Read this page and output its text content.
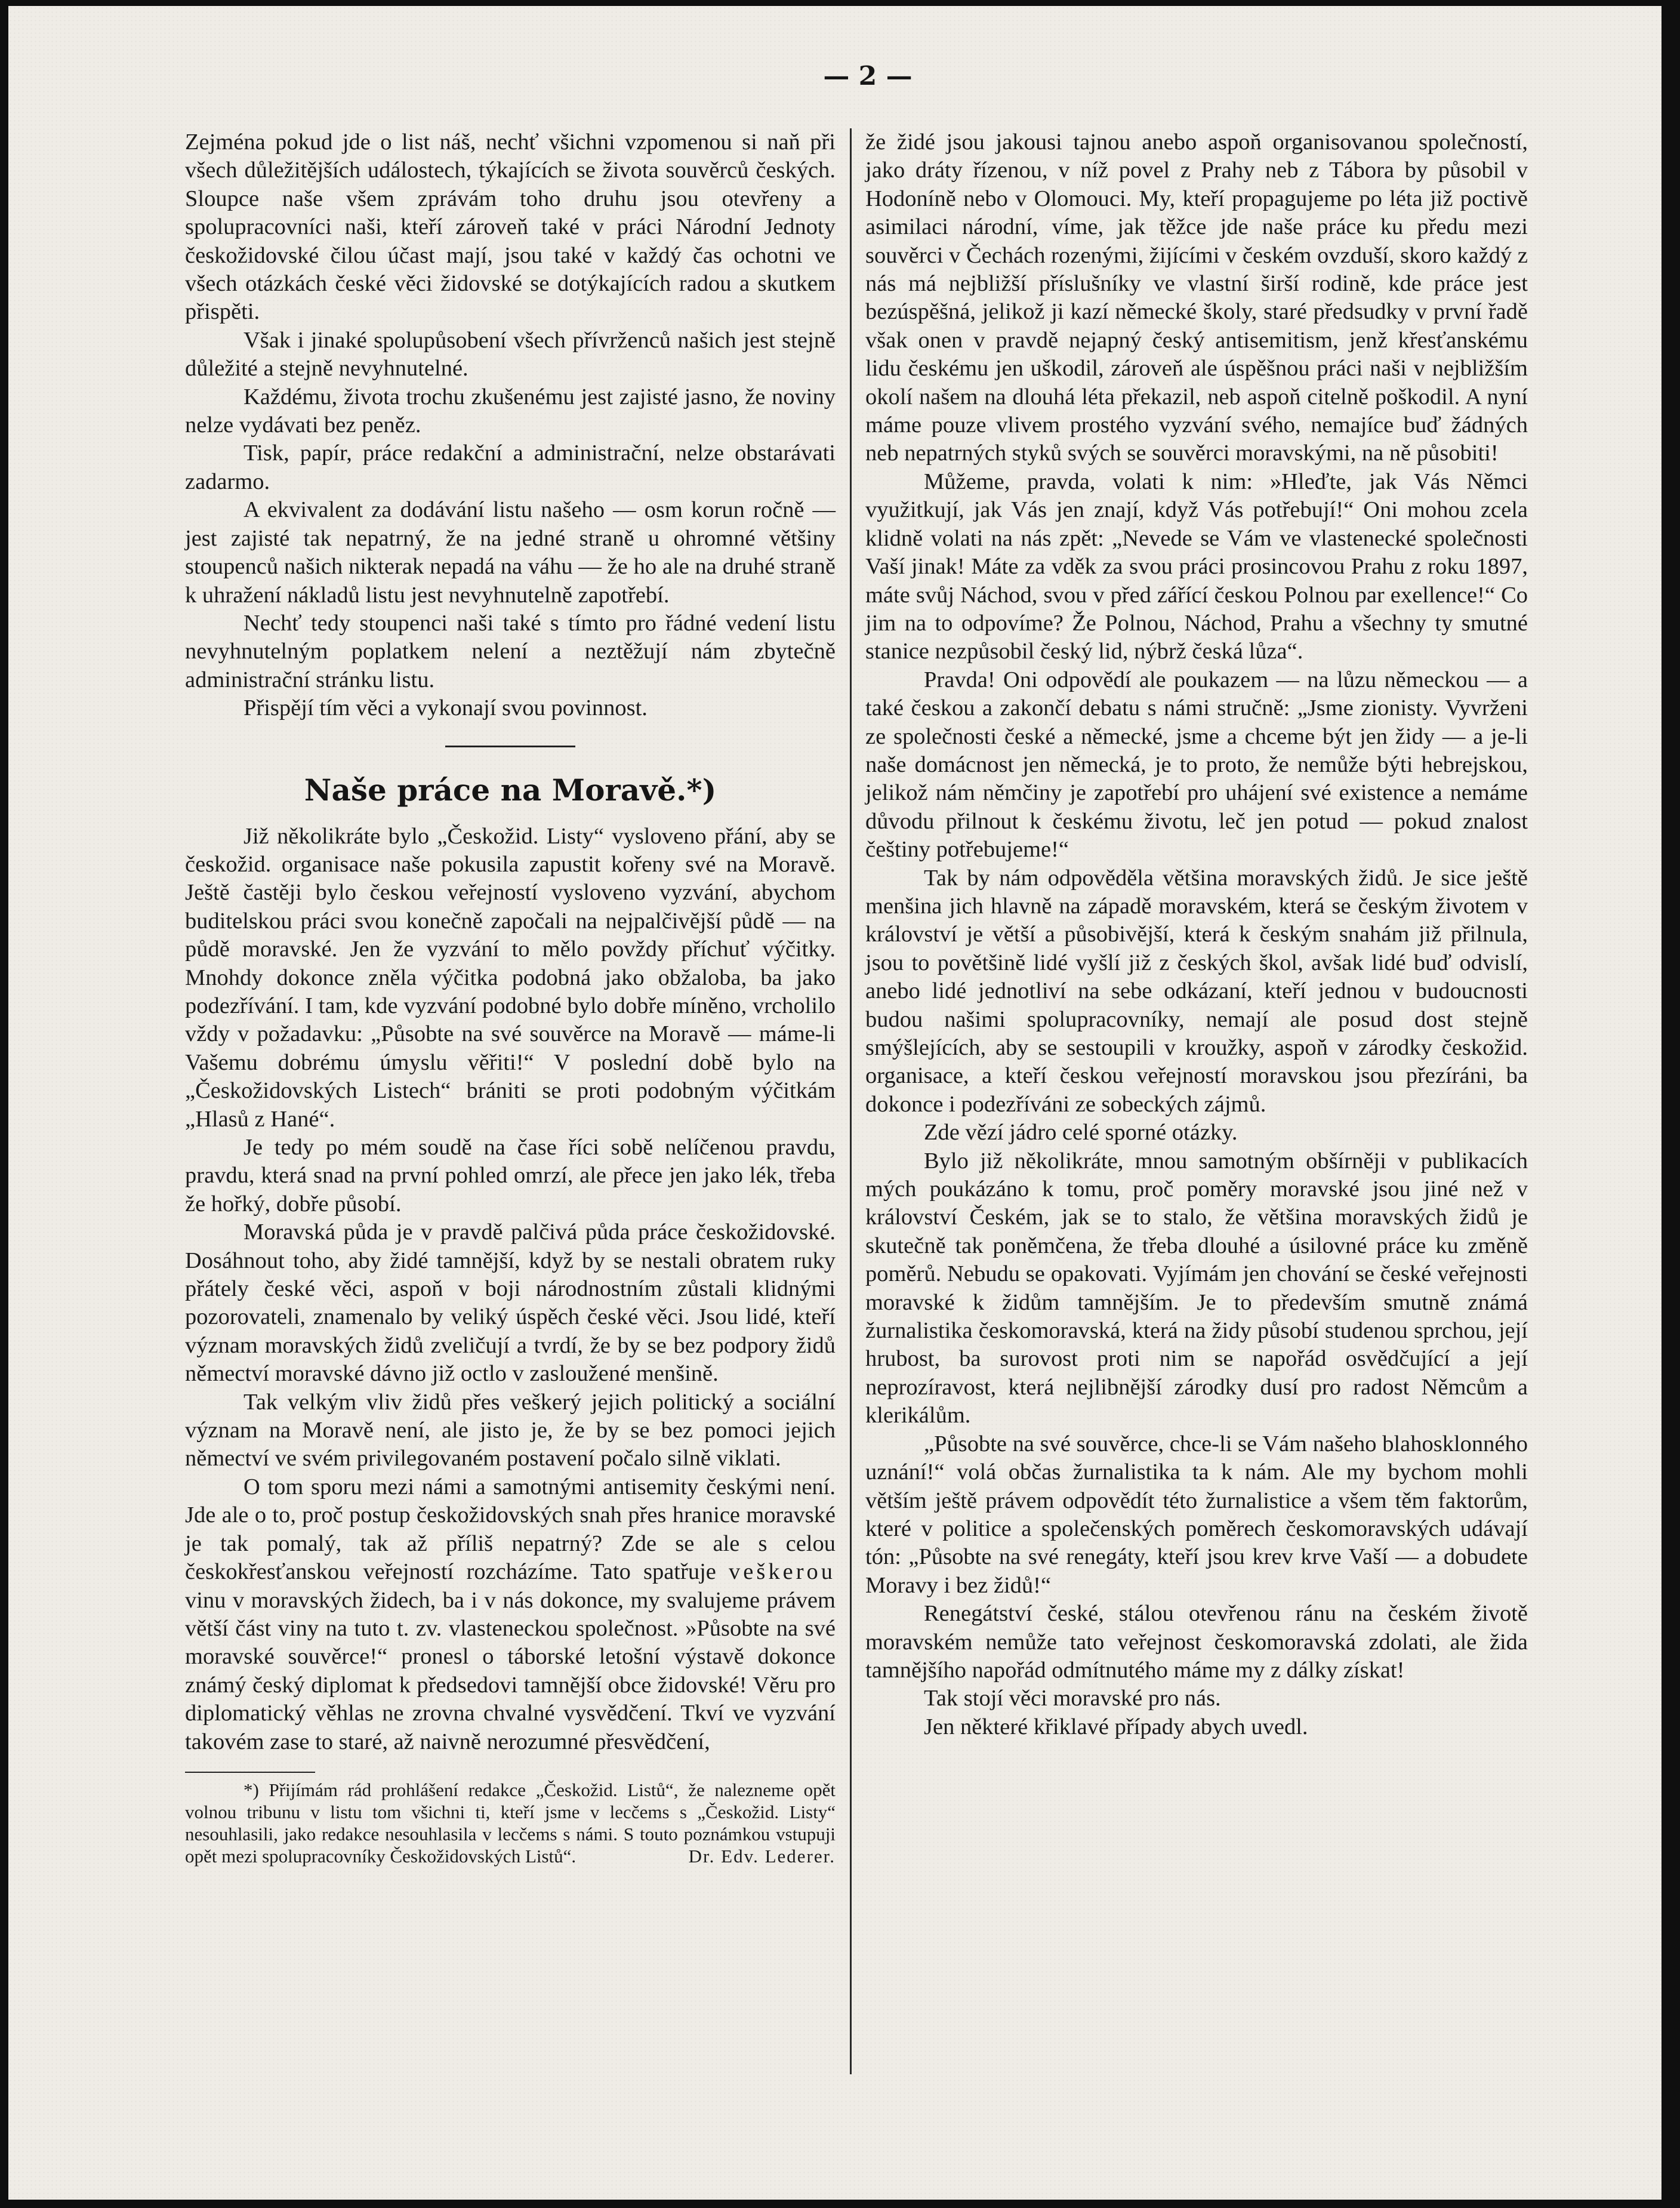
— 2 —

Zejména pokud jde o list náš, nechť všichni vzpomenou si naň při všech důležitějších událostech, týkajících se života souvěrců českých. Sloupce naše všem zprávám toho druhu jsou otevřeny a spolupracovníci naši, kteří zároveň také v práci Národní Jednoty českožidovské čilou účast mají, jsou také v každý čas ochotni ve všech otázkách české věci židovské se dotýkajících radou a skutkem přispěti.

Však i jinaké spolupůsobení všech přívrženců našich jest stejně důležité a stejně nevyhnutelné.

Každému, života trochu zkušenému jest zajisté jasno, že noviny nelze vydávati bez peněz.

Tisk, papír, práce redakční a administrační, nelze obstarávati zadarmo.

A ekvivalent za dodávání listu našeho — osm korun ročně — jest zajisté tak nepatrný, že na jedné straně u ohromné většiny stoupenců našich nikterak nepadá na váhu — že ho ale na druhé straně k uhražení nákladů listu jest nevyhnutelně zapotřebí.

Nechť tedy stoupenci naši také s tímto pro řádné vedení listu nevyhnutelným poplatkem nelení a neztěžují nám zbytečně administrační stránku listu.

Přispějí tím věci a vykonají svou povinnost.

Naše práce na Moravě.*)

Již několikráte bylo „Českožid. Listy“ vysloveno přání, aby se českožid. organisace naše pokusila zapustit kořeny své na Moravě. Ještě častěji bylo českou veřejností vysloveno vyzvání, abychom buditelskou práci svou konečně započali na nejpalčivější půdě — na půdě moravské. Jen že vyzvání to mělo povždy příchuť výčitky. Mnohdy dokonce zněla výčitka podobná jako obžaloba, ba jako podezřívání. I tam, kde vyzvání podobné bylo dobře míněno, vrcholilo vždy v požadavku: „Působte na své souvěrce na Moravě — máme-li Vašemu dobrému úmyslu věřiti!“ V poslední době bylo na „Českožidovských Listech“ brániti se proti podobným výčitkám „Hlasů z Hané“.

Je tedy po mém soudě na čase říci sobě nelíčenou pravdu, pravdu, která snad na první pohled omrzí, ale přece jen jako lék, třeba že hořký, dobře působí.

Moravská půda je v pravdě palčivá půda práce českožidovské. Dosáhnout toho, aby židé tamnější, když by se nestali obratem ruky přátely české věci, aspoň v boji národnostním zůstali klidnými pozorovateli, znamenalo by veliký úspěch české věci. Jsou lidé, kteří význam moravských židů zveličují a tvrdí, že by se bez podpory židů němectví moravské dávno již octlo v zasloužené menšině.

Tak velkým vliv židů přes veškerý jejich politický a sociální význam na Moravě není, ale jisto je, že by se bez pomoci jejich němectví ve svém privilegovaném postavení počalo silně viklati.

O tom sporu mezi námi a samotnými antisemity českými není. Jde ale o to, proč postup českožidovských snah přes hranice moravské je tak pomalý, tak až příliš nepatrný? Zde se ale s celou českokřesťanskou veřejností rozcházíme. Tato spatřuje veškerou vinu v moravských židech, ba i v nás dokonce, my svalujeme právem větší část viny na tuto t. zv. vlasteneckou společnost. »Působte na své moravské souvěrce!“ pronesl o táborské letošní výstavě dokonce známý český diplomat k předsedovi tamnější obce židovské! Věru pro diplomatický věhlas ne zrovna chvalné vysvědčení. Tkví ve vyzvání takovém zase to staré, až naivně nerozumné přesvědčení,

*) Přijímám rád prohlášení redakce „Českožid. Listů“, že nalezneme opět volnou tribunu v listu tom všichni ti, kteří jsme v lecčems s „Českožid. Listy“ nesouhlasili, jako redakce nesouhlasila v lecčems s námi. S touto poznámkou vstupuji opět mezi spolupracovníky Českožidovských Listů“.	Dr. Edv. Lederer.

že židé jsou jakousi tajnou anebo aspoň organisovanou společností, jako dráty řízenou, v níž povel z Prahy neb z Tábora by působil v Hodoníně nebo v Olomouci. My, kteří propagujeme po léta již poctivě asimilaci národní, víme, jak těžce jde naše práce ku předu mezi souvěrci v Čechách rozenými, žijícími v českém ovzduší, skoro každý z nás má nejbližší příslušníky ve vlastní širší rodině, kde práce jest bezúspěšná, jelikož ji kazí německé školy, staré předsudky v první řadě však onen v pravdě nejapný český antisemitism, jenž křesťanskému lidu českému jen uškodil, zároveň ale úspěšnou práci naši v nejbližším okolí našem na dlouhá léta překazil, neb aspoň citelně poškodil. A nyní máme pouze vlivem prostého vyzvání svého, nemajíce buď žádných neb nepatrných styků svých se souvěrci moravskými, na ně působiti!

Můžeme, pravda, volati k nim: »Hleďte, jak Vás Němci využitkují, jak Vás jen znají, když Vás potřebují!“ Oni mohou zcela klidně volati na nás zpět: „Nevede se Vám ve vlastenecké společnosti Vaší jinak! Máte za vděk za svou práci prosincovou Prahu z roku 1897, máte svůj Náchod, svou v před zářící českou Polnou par exellence!“ Co jim na to odpovíme? Že Polnou, Náchod, Prahu a všechny ty smutné stanice nezpůsobil český lid, nýbrž česká lůza“.

Pravda! Oni odpovědí ale poukazem — na lůzu německou — a také českou a zakončí debatu s námi stručně: „Jsme zionisty. Vyvrženi ze společnosti české a německé, jsme a chceme být jen židy — a je-li naše domácnost jen německá, je to proto, že nemůže býti hebrejskou, jelikož nám němčiny je zapotřebí pro uhájení své existence a nemáme důvodu přilnout k českému životu, leč jen potud — pokud znalost češtiny potřebujeme!“

Tak by nám odpověděla většina moravských židů. Je sice ještě menšina jich hlavně na západě moravském, která se českým životem v království je větší a působivější, která k českým snahám již přilnula, jsou to povětšině lidé vyšlí již z českých škol, avšak lidé buď odvislí, anebo lidé jednotliví na sebe odkázaní, kteří jednou v budoucnosti budou našimi spolupracovníky, nemají ale posud dost stejně smýšlejících, aby se sestoupili v kroužky, aspoň v zárodky českožid. organisace, a kteří českou veřejností moravskou jsou přezíráni, ba dokonce i podezříváni ze sobeckých zájmů.

Zde vězí jádro celé sporné otázky.

Bylo již několikráte, mnou samotným obšírněji v publikacích mých poukázáno k tomu, proč poměry moravské jsou jiné než v království Českém, jak se to stalo, že většina moravských židů je skutečně tak poněmčena, že třeba dlouhé a úsilovné práce ku změně poměrů. Nebudu se opakovati. Vyjímám jen chování se české veřejnosti moravské k židům tamnějším. Je to především smutně známá žurnalistika českomoravská, která na židy působí studenou sprchou, její hrubost, ba surovost proti nim se napořád osvědčující a její neprozíravost, která nejlibnější zárodky dusí pro radost Němcům a klerikálům.

„Působte na své souvěrce, chce-li se Vám našeho blahosklonného uznání!“ volá občas žurnalistika ta k nám. Ale my bychom mohli větším ještě právem odpovědít této žurnalistice a všem těm faktorům, které v politice a společenských poměrech českomoravských udávají tón: „Působte na své renegáty, kteří jsou krev krve Vaší — a dobudete Moravy i bez židů!“

Renegátství české, stálou otevřenou ránu na českém životě moravském nemůže tato veřejnost českomoravská zdolati, ale žida tamnějšího napořád odmítnutého máme my z dálky získat!

Tak stojí věci moravské pro nás.

Jen některé křiklavé případy abych uvedl.
